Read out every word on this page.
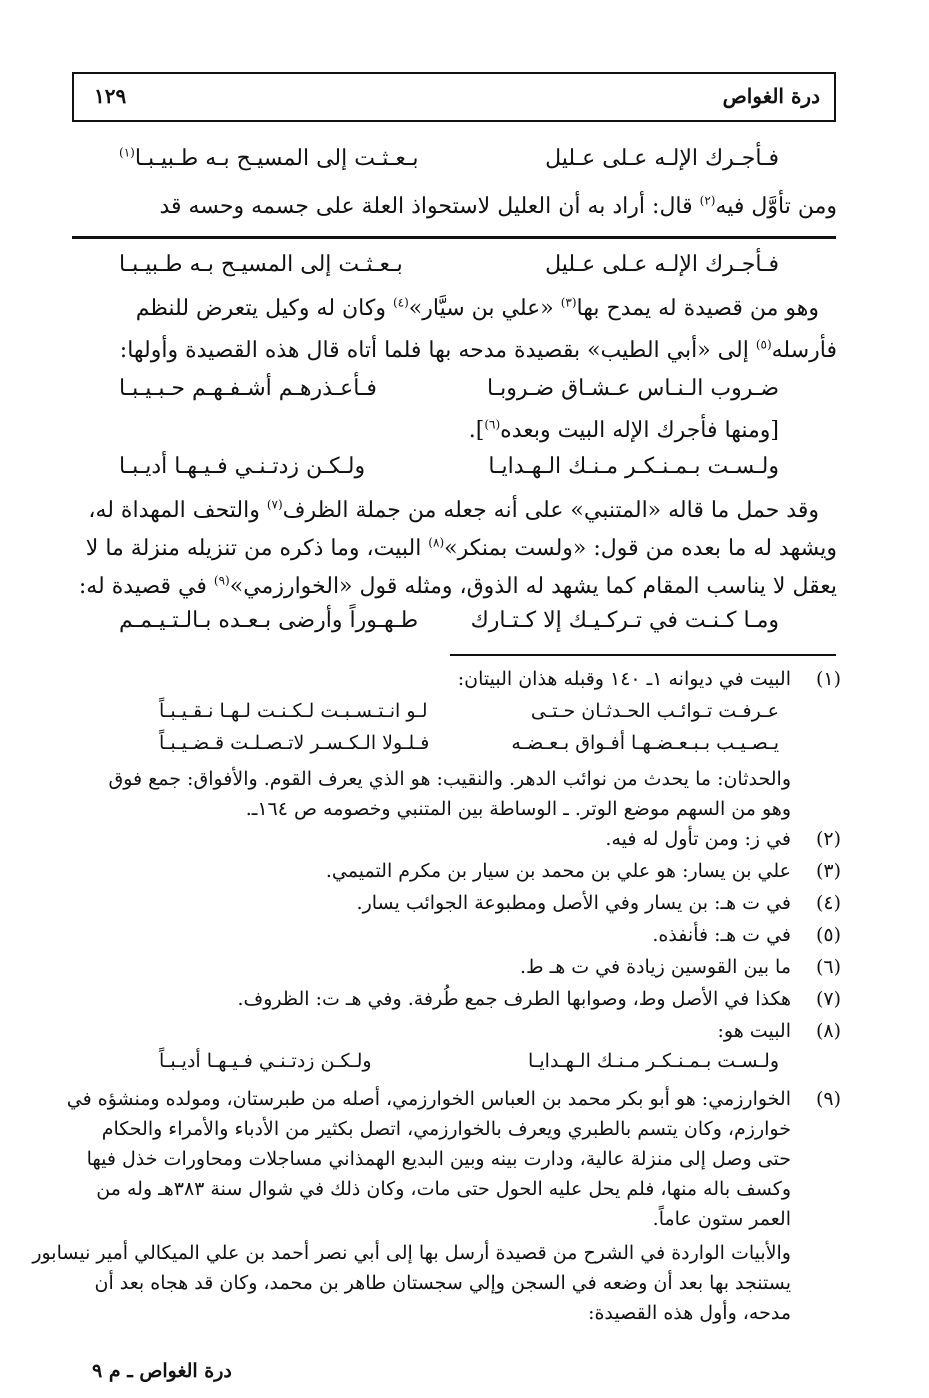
درة الغواص
١٢٩
فـأجـرك الإلـه عـلى عـليل
بـعـثـت إلى المسيـح بـه طـبيـبـا$^{(١)}$
ومن تأوَّل فيه$^{(٢)}$ قال: أراد به أن العليل لاستحواذ العلة على جسمه وحسه قد
فـأجـرك الإلـه عـلى عـليل
بـعـثـت إلى المسيـح بـه طـبيـبـا
وهو من قصيدة له يمدح بها$^{(٣)}$ «علي بن سيَّار»$^{(٤)}$ وكان له وكيل يتعرض للنظم
فأرسله$^{(٥)}$ إلى «أبي الطيب» بقصيدة مدحه بها فلما أتاه قال هذه القصيدة وأولها:
ضـروب الـنـاس عـشـاق ضـروبـا
فـأعـذرهـم أشـفـهـم حـبـيـبـا
[ومنها فأجرك الإله البيت وبعده$^{(٦)}$].
ولـسـت بـمـنـكـر مـنـك الـهـدايـا
ولـكـن زدتـنـي فـيـهـا أديـبـا
وقد حمل ما قاله «المتنبي» على أنه جعله من جملة الظرف$^{(٧)}$ والتحف المهداة له،
ويشهد له ما بعده من قول: «ولست بمنكر»$^{(٨)}$ البيت، وما ذكره من تنزيله منزلة ما لا
يعقل لا يناسب المقام كما يشهد له الذوق، ومثله قول «الخوارزمي»$^{(٩)}$ في قصيدة له:
ومـا كـنـت في تـركـيـك إلا كـتـارك
طـهـوراً وأرضى بـعـده بـالـتـيـمـم
(١)
البيت في ديوانه ١ـ ١٤٠ وقبله هذان البيتان:
عـرفـت تـوائـب الحـدثـان حـتـى
لـو انـتـسـبـت لـكـنـت لـهـا نـقـيـبـاً
يـصـيـب بـبـعـضـهـا أفـواق بـعـضـه
فـلـولا الـكـسـر لاتـصـلـت قـضـيـبـاً
والحدثان: ما يحدث من نوائب الدهر. والنقيب: هو الذي يعرف القوم. والأفواق: جمع فوق
وهو من السهم موضع الوتر. ـ الوساطة بين المتنبي وخصومه ص ١٦٤ـ.
(٢)
في ز: ومن تأول له فيه.
(٣)
علي بن يسار: هو علي بن محمد بن سيار بن مكرم التميمي.
(٤)
في ت هـ: بن يسار وفي الأصل ومطبوعة الجوائب يسار.
(٥)
في ت هـ: فأنفذه.
(٦)
ما بين القوسين زيادة في ت هـ ط.
(٧)
هكذا في الأصل وط، وصوابها الطرف جمع طُرفة. وفي هـ ت: الظروف.
(٨)
البيت هو:
ولـسـت بـمـنـكـر مـنـك الـهـدايـا
ولـكـن زدتـنـي فـيـهـا أديـبـاً
(٩)
الخوارزمي: هو أبو بكر محمد بن العباس الخوارزمي، أصله من طبرستان، ومولده ومنشؤه في
خوارزم، وكان يتسم بالطبري ويعرف بالخوارزمي، اتصل بكثير من الأدباء والأمراء والحكام
حتى وصل إلى منزلة عالية، ودارت بينه وبين البديع الهمذاني مساجلات ومحاورات خذل فيها
وكسف باله منها، فلم يحل عليه الحول حتى مات، وكان ذلك في شوال سنة ٣٨٣هـ وله من
العمر ستون عاماً.
والأبيات الواردة في الشرح من قصيدة أرسل بها إلى أبي نصر أحمد بن علي الميكالي أمير نيسابور
يستنجد بها بعد أن وضعه في السجن وإلي سجستان طاهر بن محمد، وكان قد هجاه بعد أن
مدحه، وأول هذه القصيدة:
درة الغواص ـ م ٩
